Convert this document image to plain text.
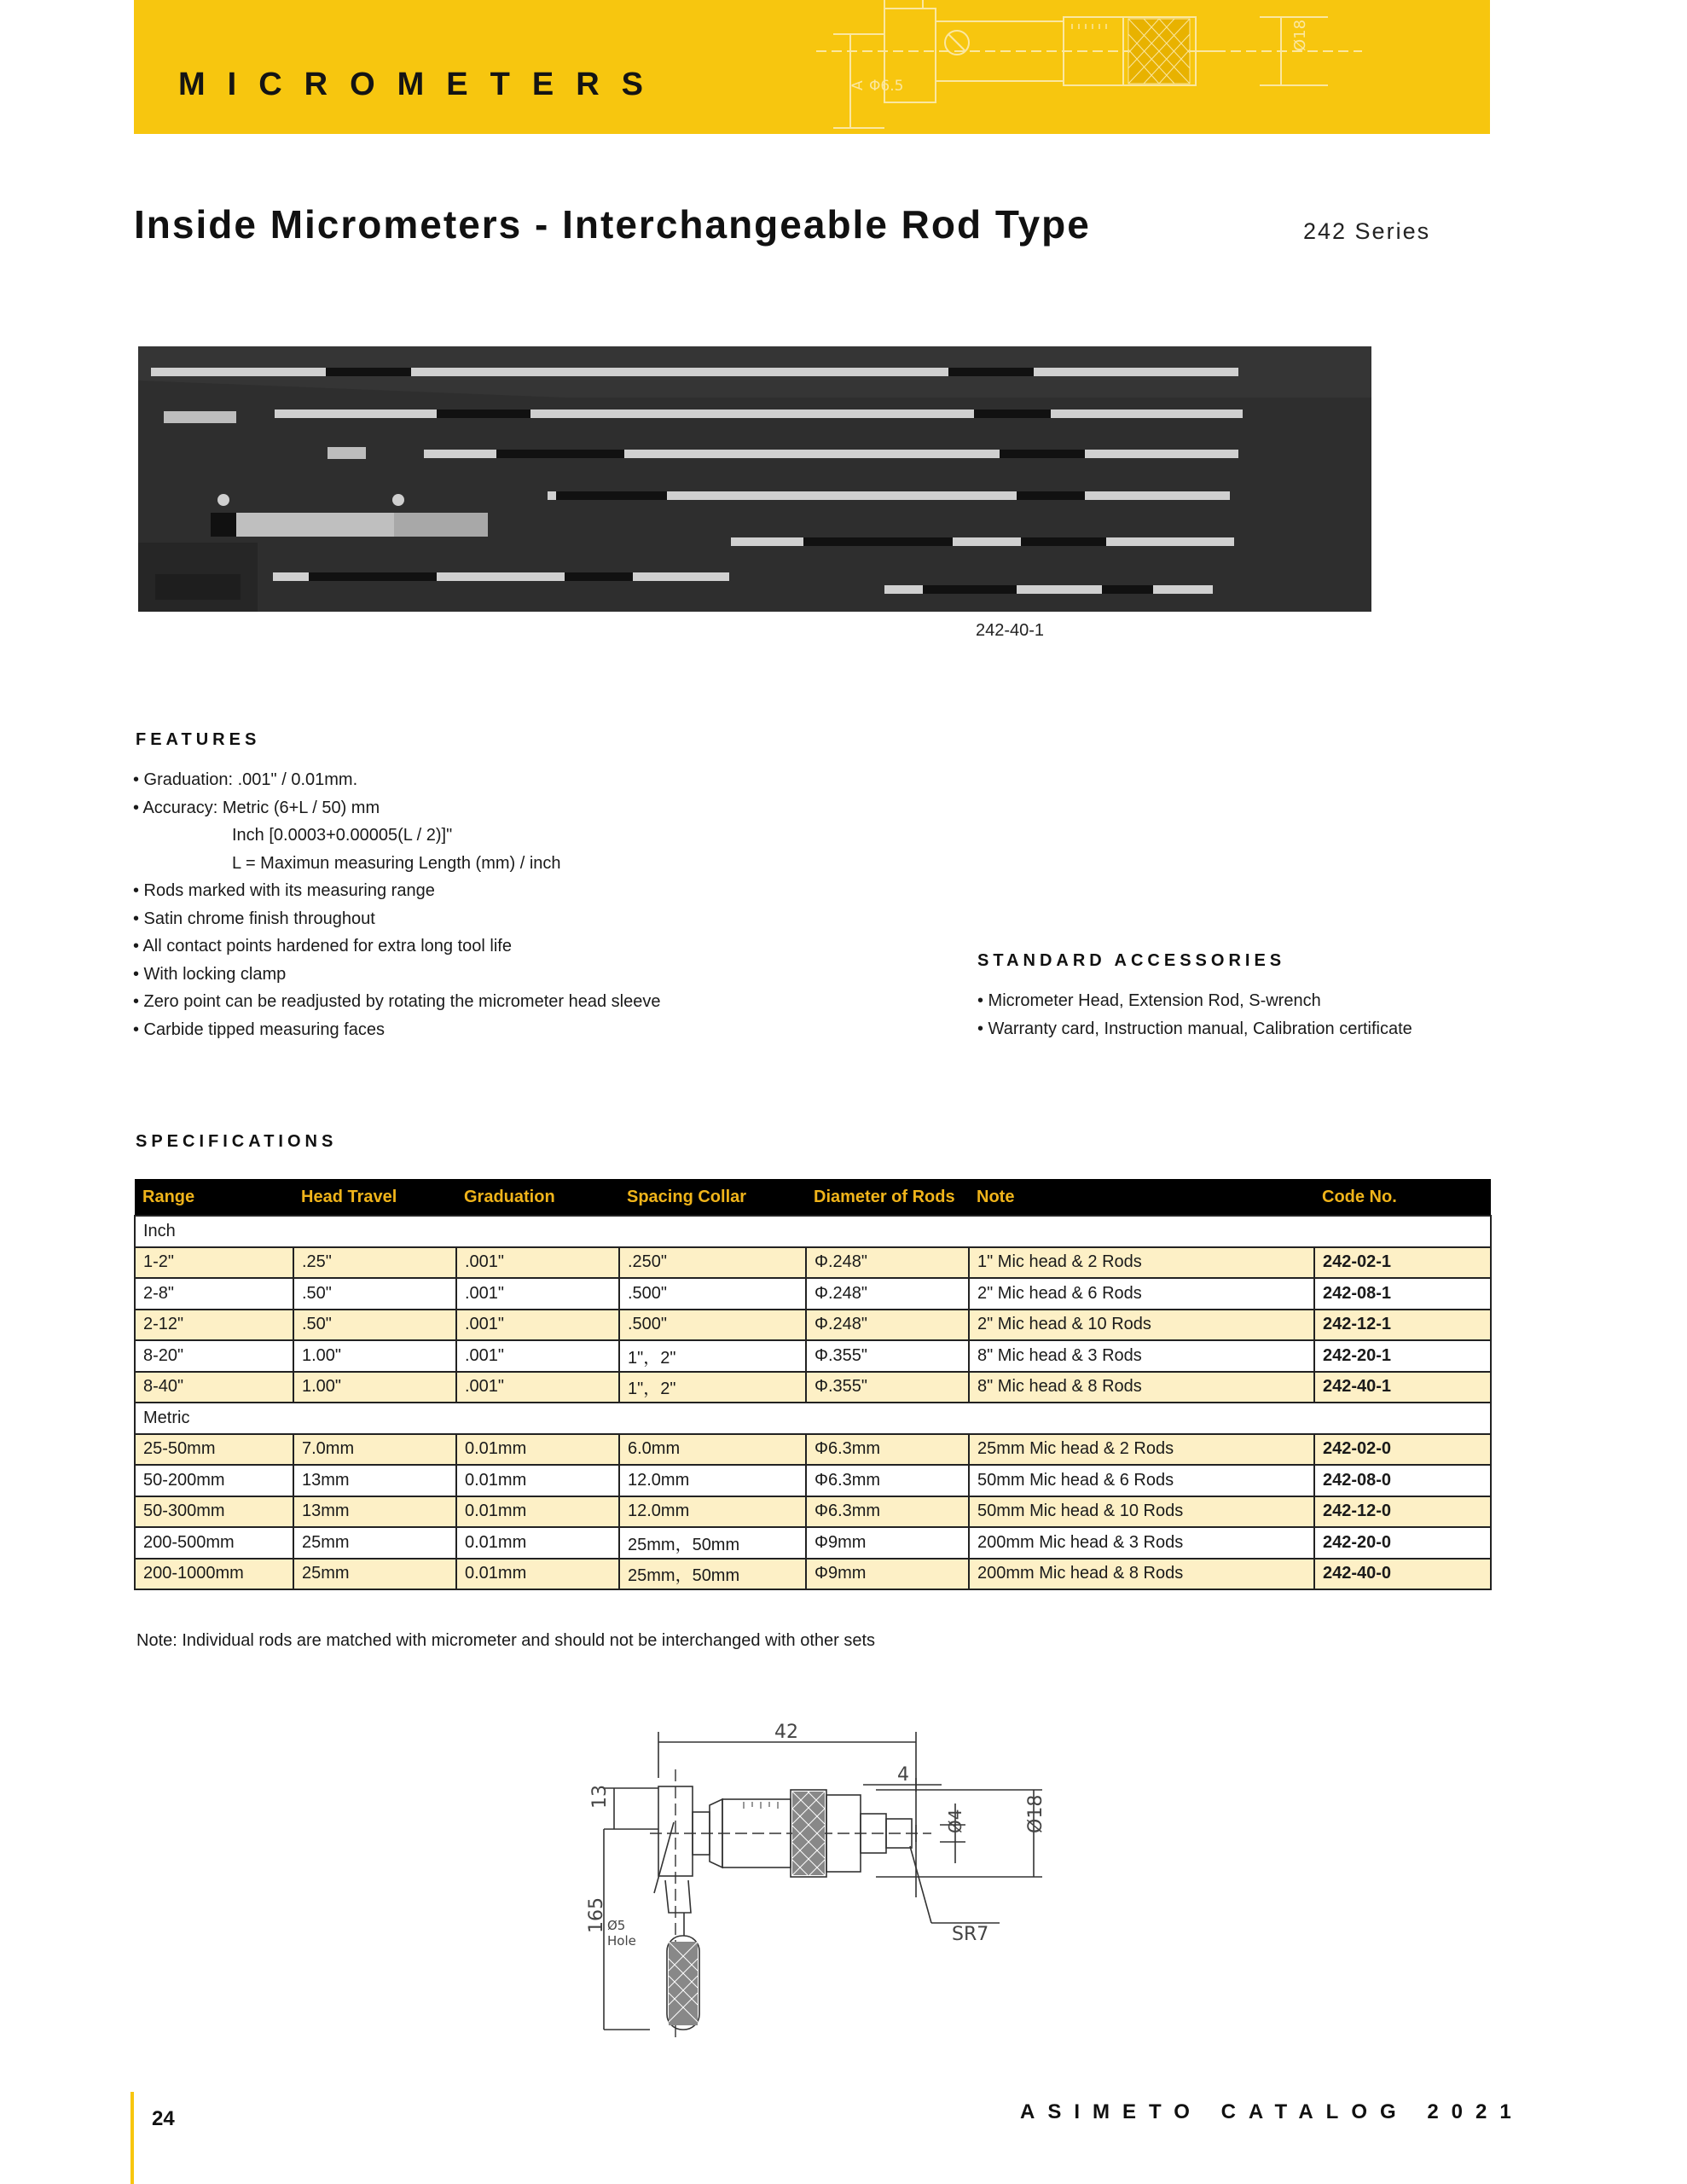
MICROMETERS
Ø18
Φ6.5
A
Inside Micrometers - Interchangeable Rod Type	242 Series
242-40-1
FEATURES
• Graduation: .001" / 0.01mm.
• Accuracy: Metric (6+L / 50) mm
Inch [0.0003+0.00005(L / 2)]"
L = Maximun measuring Length (mm) / inch
• Rods marked with its measuring range
• Satin chrome finish throughout
• All contact points hardened for extra long tool life
• With locking clamp
• Zero point can be readjusted by rotating the micrometer head sleeve
• Carbide tipped measuring faces
STANDARD ACCESSORIES
• Micrometer Head, Extension Rod, S-wrench
• Warranty card, Instruction manual, Calibration certificate
SPECIFICATIONS
Range	Head Travel	Graduation	Spacing Collar	Diameter of Rods	Note	Code No.
Inch						
1-2"	.25"	.001"	.250"	Φ.248"	1" Mic head & 2 Rods	242-02-1
2-8"	.50"	.001"	.500"	Φ.248"	2" Mic head & 6 Rods	242-08-1
2-12"	.50"	.001"	.500"	Φ.248"	2" Mic head & 10 Rods	242-12-1
8-20"	1.00"	.001"	1"，2"	Φ.355"	8" Mic head & 3 Rods	242-20-1
8-40"	1.00"	.001"	1"，2"	Φ.355"	8" Mic head & 8 Rods	242-40-1
Metric						
25-50mm	7.0mm	0.01mm	6.0mm	Φ6.3mm	25mm Mic head & 2 Rods	242-02-0
50-200mm	13mm	0.01mm	12.0mm	Φ6.3mm	50mm Mic head & 6 Rods	242-08-0
50-300mm	13mm	0.01mm	12.0mm	Φ6.3mm	50mm Mic head & 10 Rods	242-12-0
200-500mm	25mm	0.01mm	25mm，50mm	Φ9mm	200mm Mic head & 3 Rods	242-20-0
200-1000mm	25mm	0.01mm	25mm，50mm	Φ9mm	200mm Mic head & 8 Rods	242-40-0
Note: Individual rods are matched with micrometer and should not be interchanged with other sets
42
4
13
165
Ø4	Ø18
Ø5
Hole	SR7
24	ASIMETO CATALOG 2021
